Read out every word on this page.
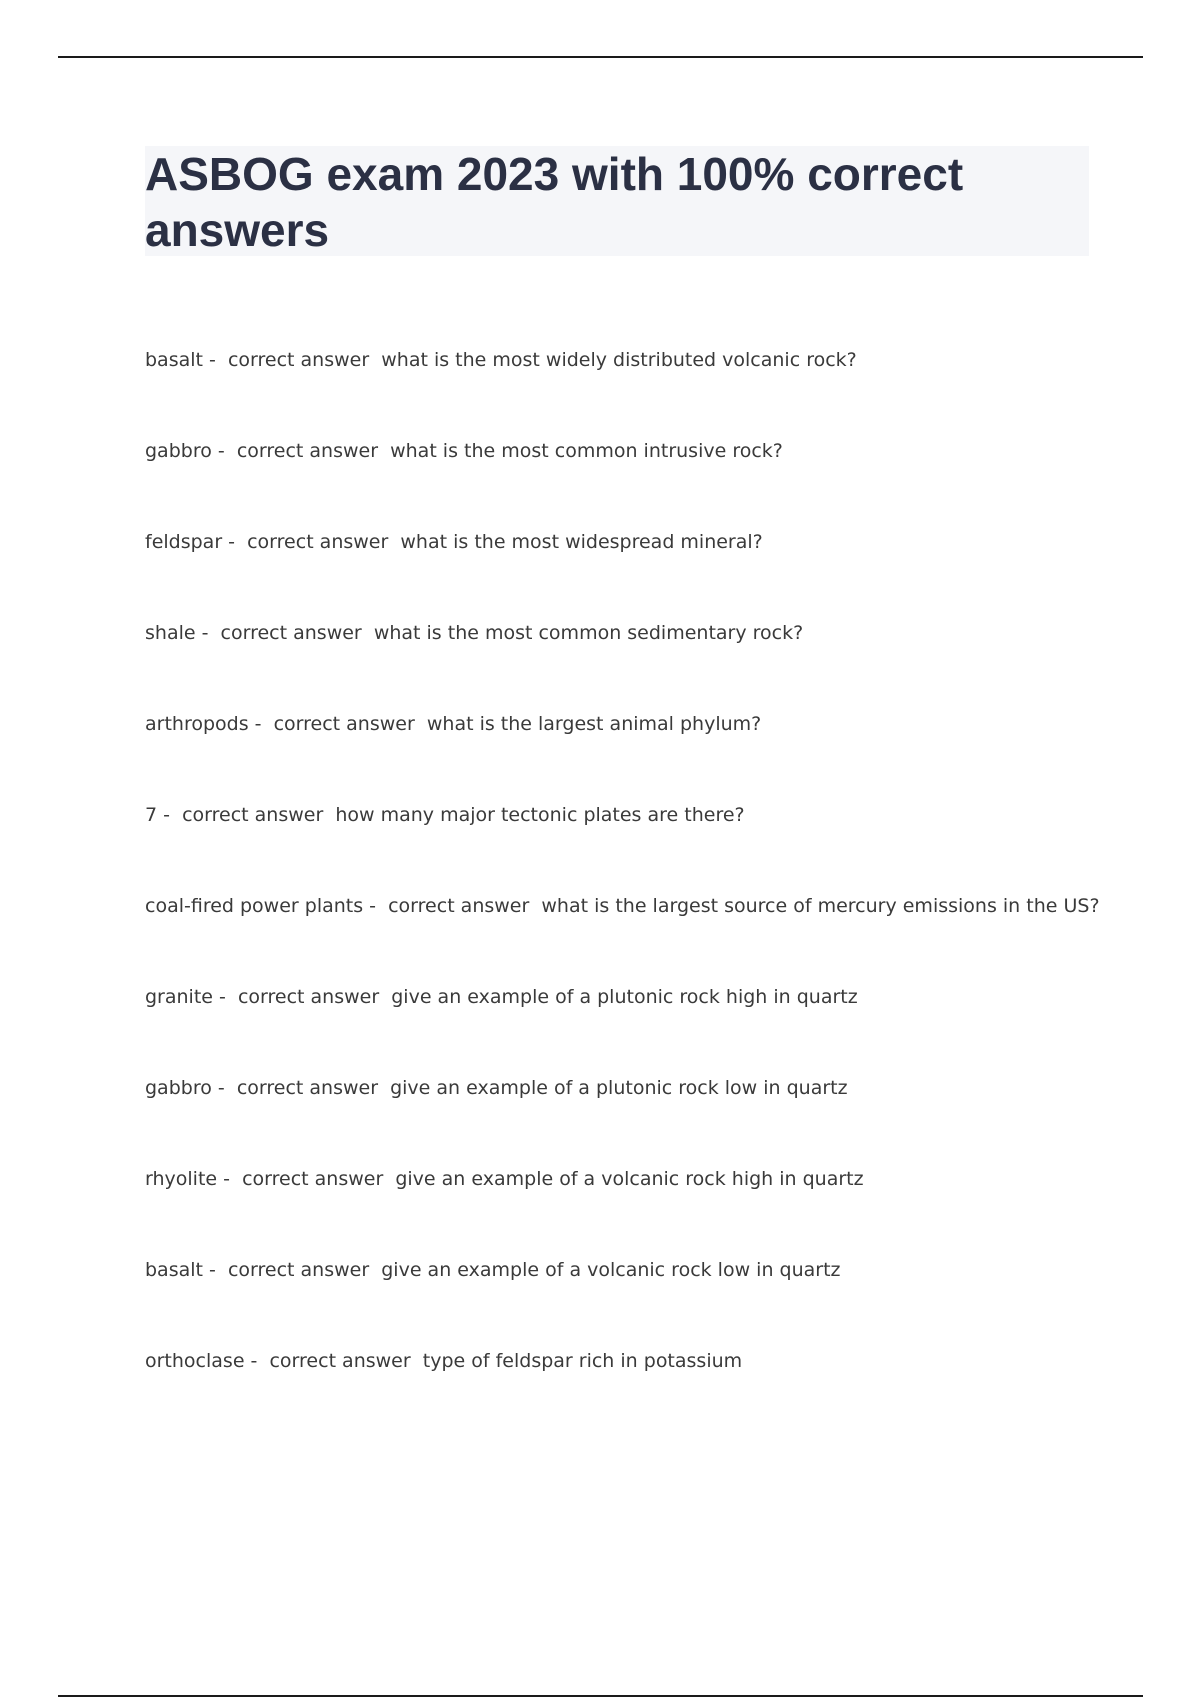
ASBOG exam 2023 with 100% correct answers
basalt -  correct answer  what is the most widely distributed volcanic rock?
gabbro -  correct answer  what is the most common intrusive rock?
feldspar -  correct answer  what is the most widespread mineral?
shale -  correct answer  what is the most common sedimentary rock?
arthropods -  correct answer  what is the largest animal phylum?
7 -  correct answer  how many major tectonic plates are there?
coal-fired power plants -  correct answer  what is the largest source of mercury emissions in the US?
granite -  correct answer  give an example of a plutonic rock high in quartz
gabbro -  correct answer  give an example of a plutonic rock low in quartz
rhyolite -  correct answer  give an example of a volcanic rock high in quartz
basalt -  correct answer  give an example of a volcanic rock low in quartz
orthoclase -  correct answer  type of feldspar rich in potassium
